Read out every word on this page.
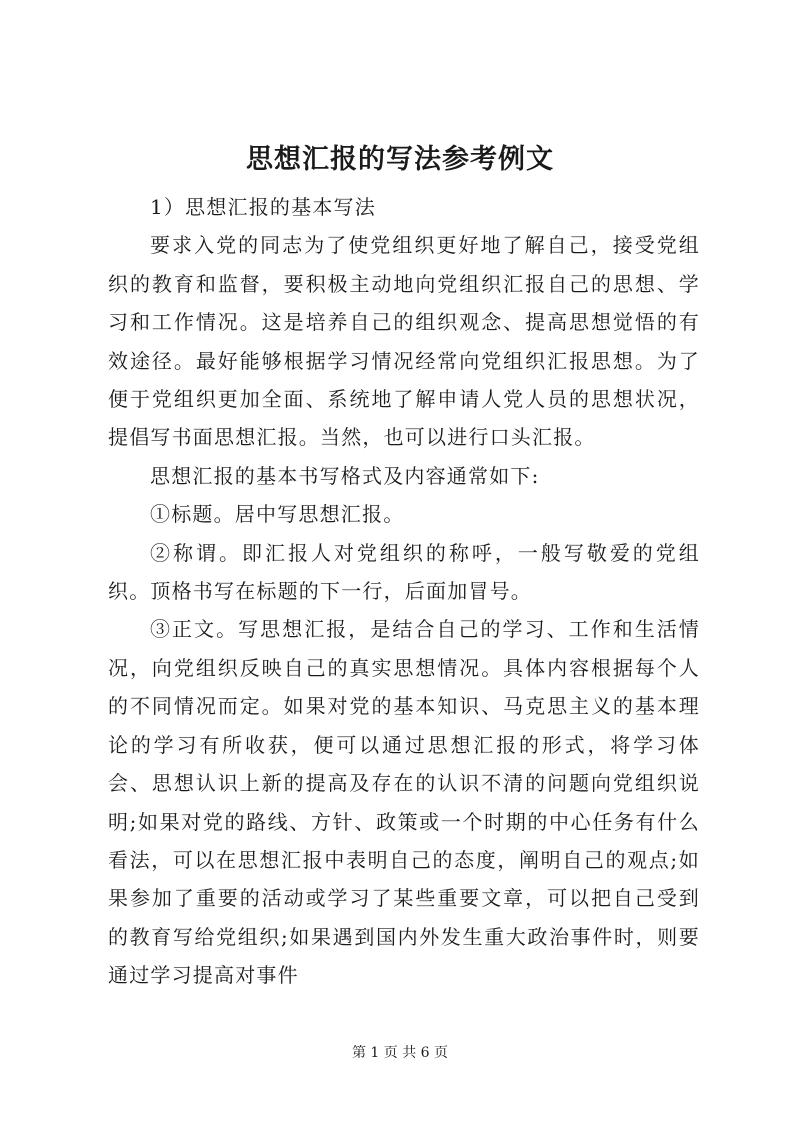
思想汇报的写法参考例文

1）思想汇报的基本写法

要求入党的同志为了使党组织更好地了解自己，接受党组织的教育和监督，要积极主动地向党组织汇报自己的思想、学习和工作情况。这是培养自己的组织观念、提高思想觉悟的有效途径。最好能够根据学习情况经常向党组织汇报思想。为了便于党组织更加全面、系统地了解申请人党人员的思想状况，提倡写书面思想汇报。当然，也可以进行口头汇报。

思想汇报的基本书写格式及内容通常如下:

①标题。居中写思想汇报。

②称谓。即汇报人对党组织的称呼，一般写敬爱的党组织。顶格书写在标题的下一行，后面加冒号。

③正文。写思想汇报，是结合自己的学习、工作和生活情况，向党组织反映自己的真实思想情况。具体内容根据每个人的不同情况而定。如果对党的基本知识、马克思主义的基本理论的学习有所收获，便可以通过思想汇报的形式，将学习体会、思想认识上新的提高及存在的认识不清的问题向党组织说明;如果对党的路线、方针、政策或一个时期的中心任务有什么看法，可以在思想汇报中表明自己的态度，阐明自己的观点;如果参加了重要的活动或学习了某些重要文章，可以把自己受到的教育写给党组织;如果遇到国内外发生重大政治事件时，则要通过学习提高对事件

第 1 页 共 6 页
